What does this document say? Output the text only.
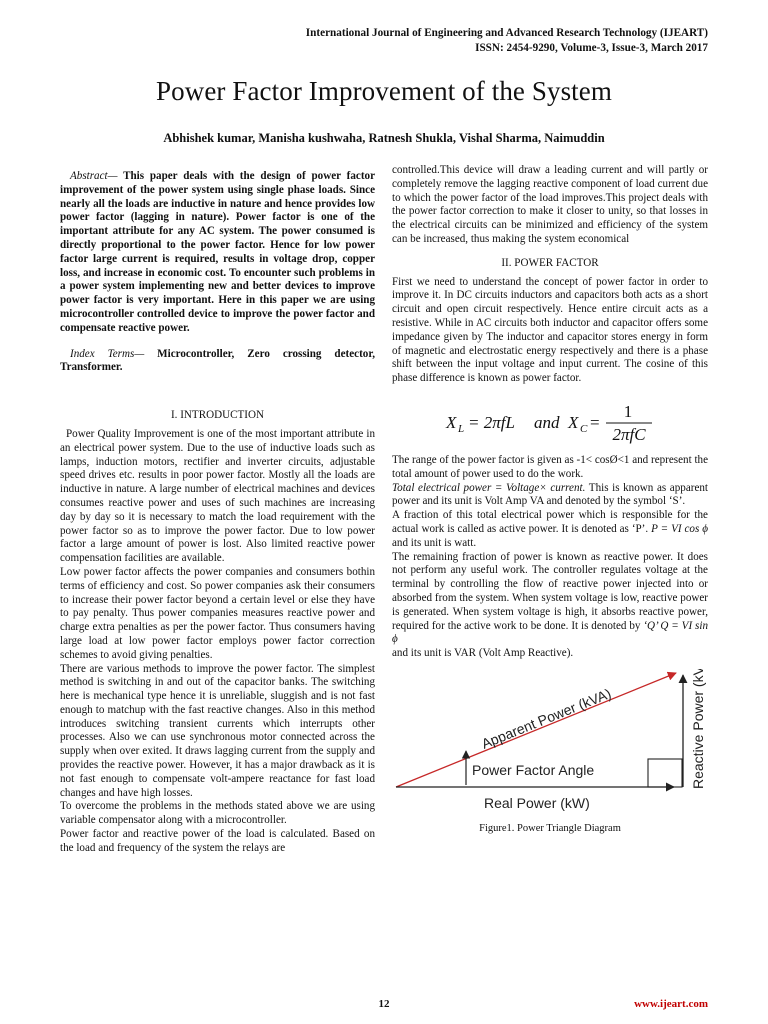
International Journal of Engineering and Advanced Research Technology (IJEART)
ISSN: 2454-9290, Volume-3, Issue-3, March 2017
Power Factor Improvement of the System
Abhishek kumar, Manisha kushwaha, Ratnesh Shukla, Vishal Sharma, Naimuddin

Abstract— This paper deals with the design of power factor improvement of the power system using single phase loads. Since nearly all the loads are inductive in nature and hence provides low power factor (lagging in nature). Power factor is one of the important attribute for any AC system. The power consumed is directly proportional to the power factor. Hence for low power factor large current is required, results in voltage drop, copper loss, and increase in economic cost. To encounter such problems in a power system implementing new and better devices to improve power factor is very important. Here in this paper we are using microcontroller controlled device to improve the power factor and compensate reactive power.

Index Terms— Microcontroller, Zero crossing detector, Transformer.

I. INTRODUCTION

Power Quality Improvement is one of the most important attribute in an electrical power system. Due to the use of inductive loads such as lamps, induction motors, rectifier and inverter circuits, adjustable speed drives etc. results in poor power factor. Mostly all the loads are inductive in nature. A large number of electrical machines and devices consumes reactive power and uses of such machines are increasing day by day so it is necessary to match the load requirement with the power factor so as to improve the power factor. Due to low power factor a large amount of power is lost. Also limited reactive power compensation facilities are available.

Low power factor affects the power companies and consumers bothin terms of efficiency and cost. So power companies ask their consumers to increase their power factor beyond a certain level or else they have to pay penalty. Thus power companies measures reactive power and charge extra penalties as per the power factor. Thus consumers having large load at low power factor employs power factor correction schemes to avoid giving penalties.

There are various methods to improve the power factor. The simplest method is switching in and out of the capacitor banks. The switching here is mechanical type hence it is unreliable, sluggish and is not fast enough to matchup with the fast reactive changes. Also in this method introduces switching transient currents which interrupts other processes. Also we can use synchronous motor connected across the supply when over exited. It draws lagging current from the supply and provides the reactive power. However, it has a major drawback as it is not fast enough to compensate volt-ampere reactance for fast load changes and have high losses.

To overcome the problems in the methods stated above we are using variable compensator along with a microcontroller.

Power factor and reactive power of the load is calculated. Based on the load and frequency of the system the relays are

controlled.This device will draw a leading current and will partly or completely remove the lagging reactive component of load current due to which the power factor of the load improves.This project deals with the power factor correction to make it closer to unity, so that losses in the electrical circuits can be minimized and efficiency of the system can be increased, thus making the system economical

II. POWER FACTOR

First we need to understand the concept of power factor in order to improve it. In DC circuits inductors and capacitors both acts as a short circuit and open circuit respectively. Hence entire circuit acts as a resistive. While in AC circuits both inductor and capacitor offers some impedance given by The inductor and capacitor stores energy in form of magnetic and electrostatic energy respectively and there is a phase shift between the input voltage and input current. The cosine of this phase difference is known as power factor.

X L = 2πfL and X C =
1
2πfC

The range of the power factor is given as -1< cosØ<1 and represent the total amount of power used to do the work.

Total electrical power = Voltage× current. This is known as apparent power and its unit is Volt Amp VA and denoted by the symbol ‘S’.

A fraction of this total electrical power which is responsible for the actual work is called as active power. It is denoted as ‘P’. P = VI cos ϕ and its unit is watt.

The remaining fraction of power is known as reactive power. It does not perform any useful work. The controller regulates voltage at the terminal by controlling the flow of reactive power injected into or absorbed from the system. When system voltage is low, reactive power is generated. When system voltage is high, it absorbs reactive power, required for the active work to be done. It is denoted by ‘Q’ Q = VI sin ϕ
and its unit is VAR (Volt Amp Reactive).

Apparent Power (kVA)
Power Factor Angle
Real Power (kW)
Reactive Power (kVAr)
Figure1. Power Triangle Diagram
12	www.ijeart.com
